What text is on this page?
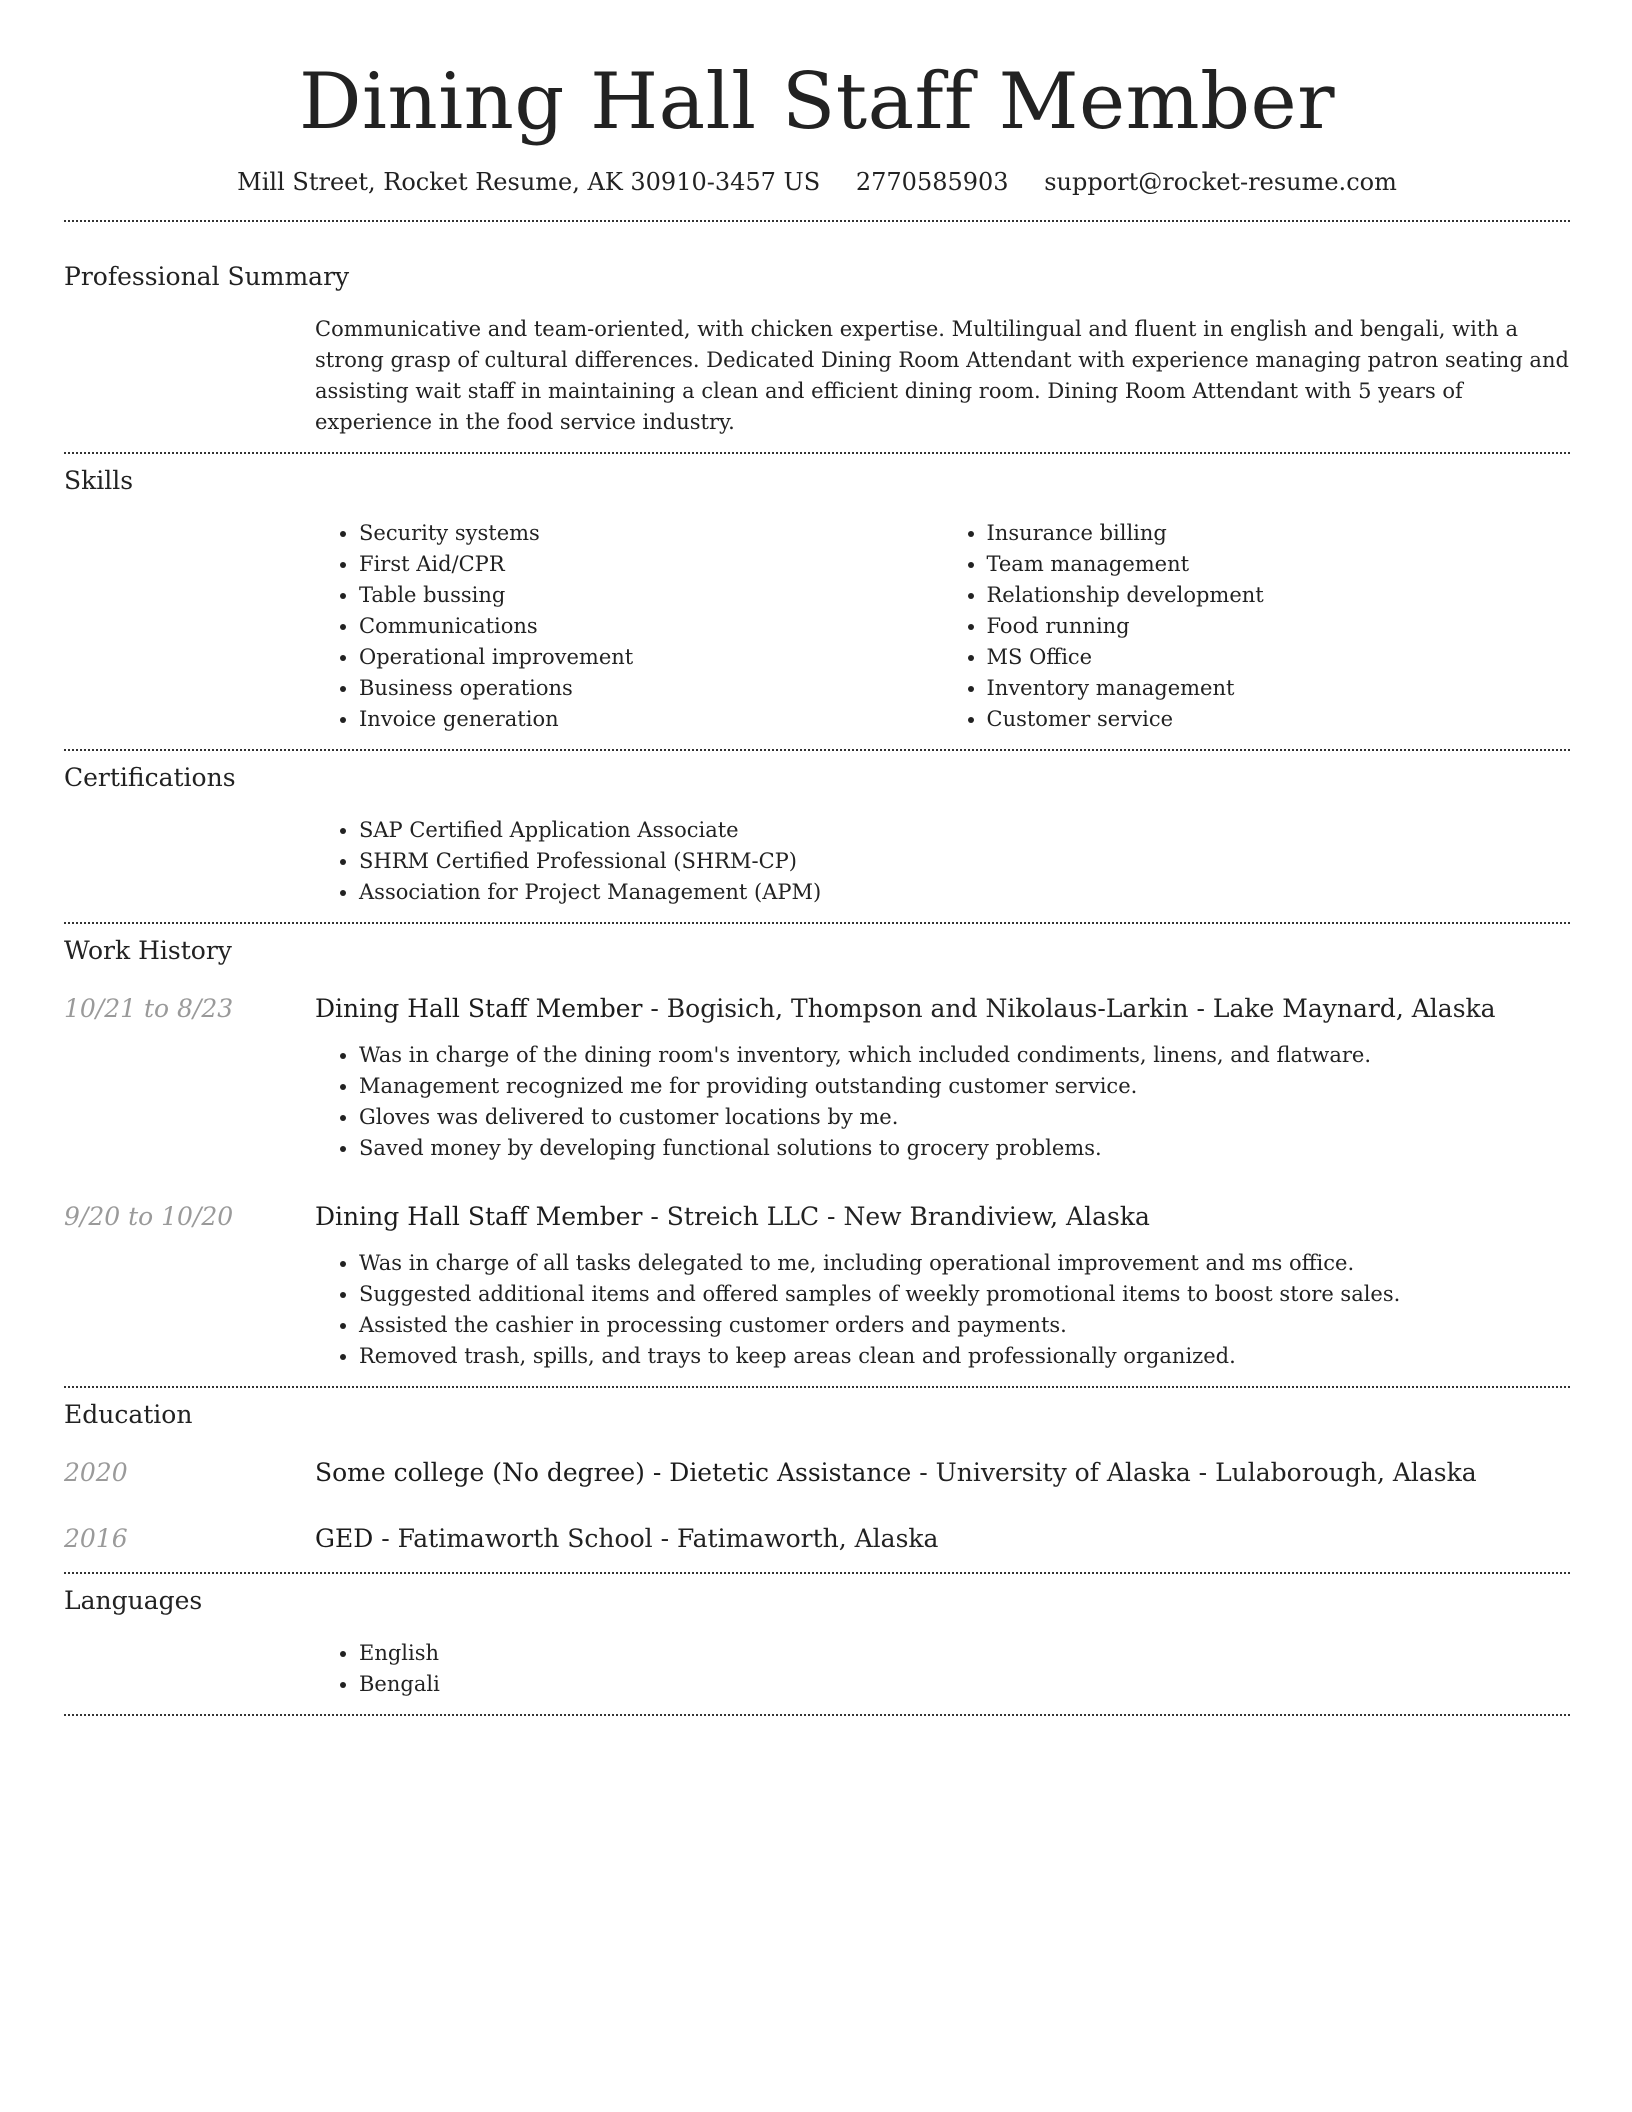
Dining Hall Staff Member
Mill Street, Rocket Resume, AK 30910-3457 US 2770585903 support@rocket-resume.com
Professional Summary

Communicative and team-oriented, with chicken expertise. Multilingual and fluent in english and bengali, with a strong grasp of cultural differences. Dedicated Dining Room Attendant with experience managing patron seating and assisting wait staff in maintaining a clean and efficient dining room. Dining Room Attendant with 5 years of experience in the food service industry.

Skills
• Security systems
• First Aid/CPR
• Table bussing
• Communications
• Operational improvement
• Business operations
• Invoice generation
• Insurance billing
• Team management
• Relationship development
• Food running
• MS Office
• Inventory management
• Customer service
Certifications
• SAP Certified Application Associate
• SHRM Certified Professional (SHRM-CP)
• Association for Project Management (APM)
Work History
10/21 to 8/23	Dining Hall Staff Member - Bogisich, Thompson and Nikolaus-Larkin - Lake Maynard, Alaska
• Was in charge of the dining room's inventory, which included condiments, linens, and flatware.
• Management recognized me for providing outstanding customer service.
• Gloves was delivered to customer locations by me.
• Saved money by developing functional solutions to grocery problems.
9/20 to 10/20	Dining Hall Staff Member - Streich LLC - New Brandiview, Alaska
• Was in charge of all tasks delegated to me, including operational improvement and ms office.
• Suggested additional items and offered samples of weekly promotional items to boost store sales.
• Assisted the cashier in processing customer orders and payments.
• Removed trash, spills, and trays to keep areas clean and professionally organized.
Education
2020	Some college (No degree) - Dietetic Assistance - University of Alaska - Lulaborough, Alaska
2016	GED - Fatimaworth School - Fatimaworth, Alaska
Languages
• English
• Bengali
